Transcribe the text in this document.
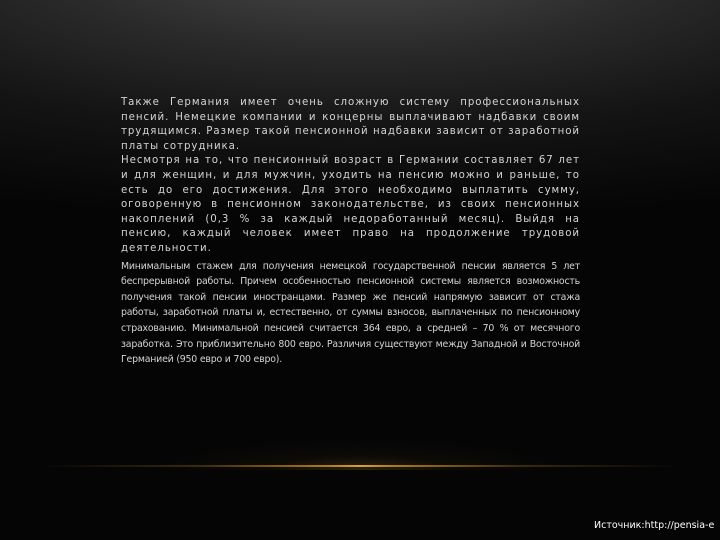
Также Германия имеет очень сложную систему профессиональных пенсий. Немецкие компании и концерны выплачивают надбавки своим трудящимся. Размер такой пенсионной надбавки зависит от заработной платы сотрудника.

Несмотря на то, что пенсионный возраст в Германии составляет 67 лет и для женщин, и для мужчин, уходить на пенсию можно и раньше, то есть до его достижения. Для этого необходимо выплатить сумму, оговоренную в пенсионном законодательстве, из своих пенсионных накоплений (0,3 % за каждый недоработанный месяц). Выйдя на пенсию, каждый человек имеет право на продолжение трудовой деятельности.

Минимальным стажем для получения немецкой государственной пенсии является 5 лет беспрерывной работы. Причем особенностью пенсионной системы является возможность получения такой пенсии иностранцами. Размер же пенсий напрямую зависит от стажа работы, заработной платы и, естественно, от суммы взносов, выплаченных по пенсионному страхованию. Минимальной пенсией считается 364 евро, а средней – 70 % от месячного заработка. Это приблизительно 800 евро. Различия существуют между Западной и Восточной Германией (950 евро и 700 евро).

Источник:http://pensia-e
